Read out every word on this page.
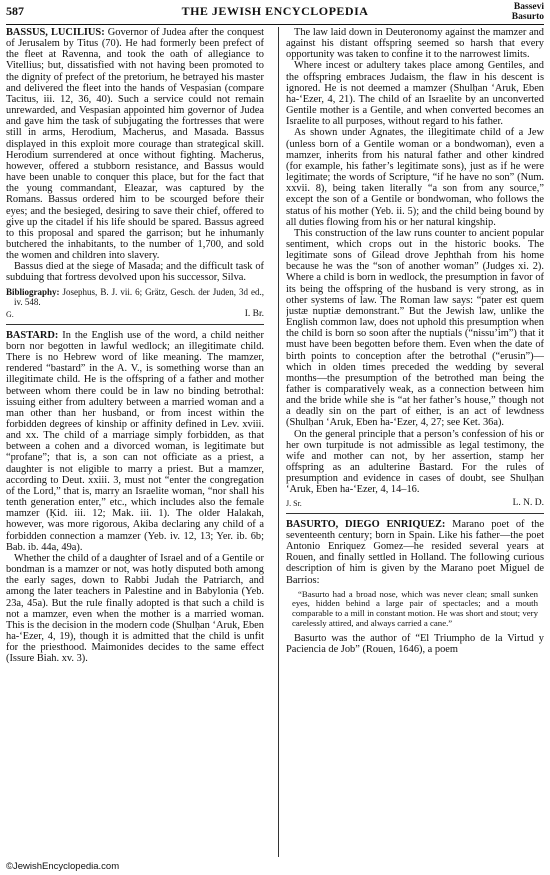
587	THE JEWISH ENCYCLOPEDIA	Bassevi
Basurto

BASSUS, LUCILIUS: Governor of Judea after the conquest of Jerusalem by Titus (70). He had formerly been prefect of the fleet at Ravenna, and took the oath of allegiance to Vitellius; but, dissatisfied with not having been promoted to the dignity of prefect of the pretorium, he betrayed his master and delivered the fleet into the hands of Vespasian (compare Tacitus, iii. 12, 36, 40). Such a service could not remain unrewarded, and Vespasian appointed him governor of Judea and gave him the task of subjugating the fortresses that were still in arms, Herodium, Macherus, and Masada. Bassus displayed in this exploit more courage than strategical skill. Herodium surrendered at once without fighting. Macherus, however, offered a stubborn resistance, and Bassus would have been unable to conquer this place, but for the fact that the young commandant, Eleazar, was captured by the Romans. Bassus ordered him to be scourged before their eyes; and the besieged, desiring to save their chief, offered to give up the citadel if his life should be spared. Bassus agreed to this proposal and spared the garrison; but he inhumanly butchered the inhabitants, to the number of 1,700, and sold the women and children into slavery.

Bassus died at the siege of Masada; and the difficult task of subduing that fortress devolved upon his successor, Silva.

Bibliography: Josephus, B. J. vii. 6; Grätz, Gesch. der Juden, 3d ed., iv. 548.

G.	I. Br.

BASTARD: In the English use of the word, a child neither born nor begotten in lawful wedlock; an illegitimate child. There is no Hebrew word of like meaning. The mamzer, rendered “bastard” in the A. V., is something worse than an illegitimate child. He is the offspring of a father and mother between whom there could be in law no binding betrothal: issuing either from adultery between a married woman and a man other than her husband, or from incest within the forbidden degrees of kinship or affinity defined in Lev. xviii. and xx. The child of a marriage simply forbidden, as that between a cohen and a divorced woman, is legitimate but “profane”; that is, a son can not officiate as a priest, a daughter is not eligible to marry a priest. But a mamzer, according to Deut. xxiii. 3, must not “enter the congregation of the Lord,” that is, marry an Israelite woman, “nor shall his tenth generation enter,” etc., which includes also the female mamzer (Ḳid. iii. 12; Mak. iii. 1). The older Halakah, however, was more rigorous, Akiba declaring any child of a forbidden connection a mamzer (Yeb. iv. 12, 13; Yer. ib. 6b; Bab. ib. 44a, 49a).

Whether the child of a daughter of Israel and of a Gentile or bondman is a mamzer or not, was hotly disputed both among the early sages, down to Rabbi Judah the Patriarch, and among the later teachers in Palestine and in Babylonia (Yeb. 23a, 45a). But the rule finally adopted is that such a child is not a mamzer, even when the mother is a married woman. This is the decision in the modern code (Shulḥan ‘Aruk, Eben ha-‘Ezer, 4, 19), though it is admitted that the child is unfit for the priesthood. Maimonides decides to the same effect (Issure Biah. xv. 3).

The law laid down in Deuteronomy against the mamzer and against his distant offspring seemed so harsh that every opportunity was taken to confine it to the narrowest limits.

Where incest or adultery takes place among Gentiles, and the offspring embraces Judaism, the flaw in his descent is ignored. He is not deemed a mamzer (Shulḥan ‘Aruk, Eben ha-‘Ezer, 4, 21). The child of an Israelite by an unconverted Gentile mother is a Gentile, and when converted becomes an Israelite to all purposes, without regard to his father.

As shown under Agnates, the illegitimate child of a Jew (unless born of a Gentile woman or a bondwoman), even a mamzer, inherits from his natural father and other kindred (for example, his father’s legitimate sons), just as if he were legitimate; the words of Scripture, “if he have no son” (Num. xxvii. 8), being taken literally “a son from any source,” except the son of a Gentile or bondwoman, who follows the status of his mother (Yeb. ii. 5); and the child being bound by all duties flowing from his or her natural kingship.

This construction of the law runs counter to ancient popular sentiment, which crops out in the historic books. The legitimate sons of Gilead drove Jephthah from his home because he was the “son of another woman” (Judges xi. 2). Where a child is born in wedlock, the presumption in favor of its being the offspring of the husband is very strong, as in other systems of law. The Roman law says: “pater est quem justæ nuptiæ demonstrant.” But the Jewish law, unlike the English common law, does not uphold this presumption when the child is born so soon after the nuptials (“nissu’im”) that it must have been begotten before them. Even when the date of birth points to conception after the betrothal (“erusin”)—which in olden times preceded the wedding by several months—the presumption of the betrothed man being the father is comparatively weak, as a connection between him and the bride while she is “at her father’s house,” though not a deadly sin on the part of either, is an act of lewdness (Shulḥan ‘Aruk, Eben ha-‘Ezer, 4, 27; see Ket. 36a).

On the general principle that a person’s confession of his or her own turpitude is not admissible as legal testimony, the wife and mother can not, by her assertion, stamp her offspring as an adulterine Bastard. For the rules of presumption and evidence in cases of doubt, see Shulḥan ‘Aruk, Eben ha-‘Ezer, 4, 14–16.

J. Sr.	L. N. D.

BASURTO, DIEGO ENRIQUEZ: Marano poet of the seventeenth century; born in Spain. Like his father—the poet Antonio Enriquez Gomez—he resided several years at Rouen, and finally settled in Holland. The following curious description of him is given by the Marano poet Miguel de Barrios:

“Basurto had a broad nose, which was never clean; small sunken eyes, hidden behind a large pair of spectacles; and a mouth comparable to a mill in constant motion. He was short and stout; very carelessly attired, and always carried a cane.”

Basurto was the author of “El Triumpho de la Virtud y Paciencia de Job” (Rouen, 1646), a poem

©JewishEncyclopedia.com
